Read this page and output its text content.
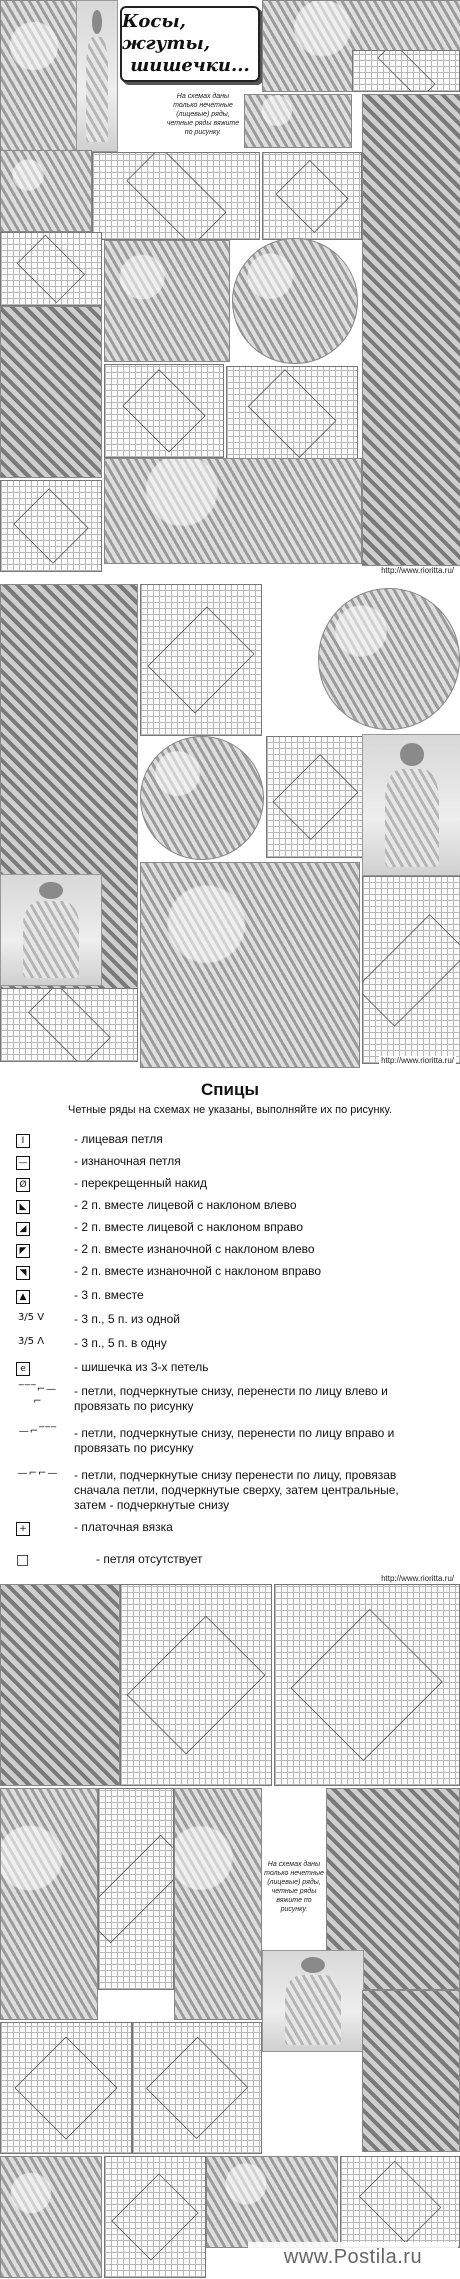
Косы, жгуты,
шишечки...
На схемах даны только нечетные (лицевые) ряды, четные ряды вяжите по рисунку.
http://www.rioritta.ru/
http://www.rioritta.ru/
Спицы
Четные ряды на схемах не указаны, выполняйте их по рисунку.
I	- лицевая петля
—	- изнаночная петля
Ø	- перекрещенный накид
◣	- 2 п. вместе лицевой с наклоном влево
◢	- 2 п. вместе лицевой с наклоном вправо
◤	- 2 п. вместе изнаночной с наклоном влево
◥	- 2 п. вместе изнаночной с наклоном вправо
▲	- 3 п. вместе
3/5 V - 3 п., 5 п. из одной
3/5 Λ - 3 п., 5 п. в одну
e	- шишечка из 3-х петель
‾‾‾⌐—⌐
- петли, подчеркнутые снизу, перенести по лицу влево и провязать по рисунку
—⌐‾‾‾ - петли, подчеркнутые снизу, перенести по лицу вправо и провязать по рисунку
—⌐⌐— - петли, подчеркнутые снизу перенести по лицу, провязав сначала петли, подчеркнутые сверху, затем центральные, затем - подчеркнутые снизу
+	- платочная вязка
□	- петля отсутствует
http://www.rioritta.ru/
На схемах даны только нечетные (лицевые) ряды, четные ряды вяжите по рисунку.
www.Postila.ru
